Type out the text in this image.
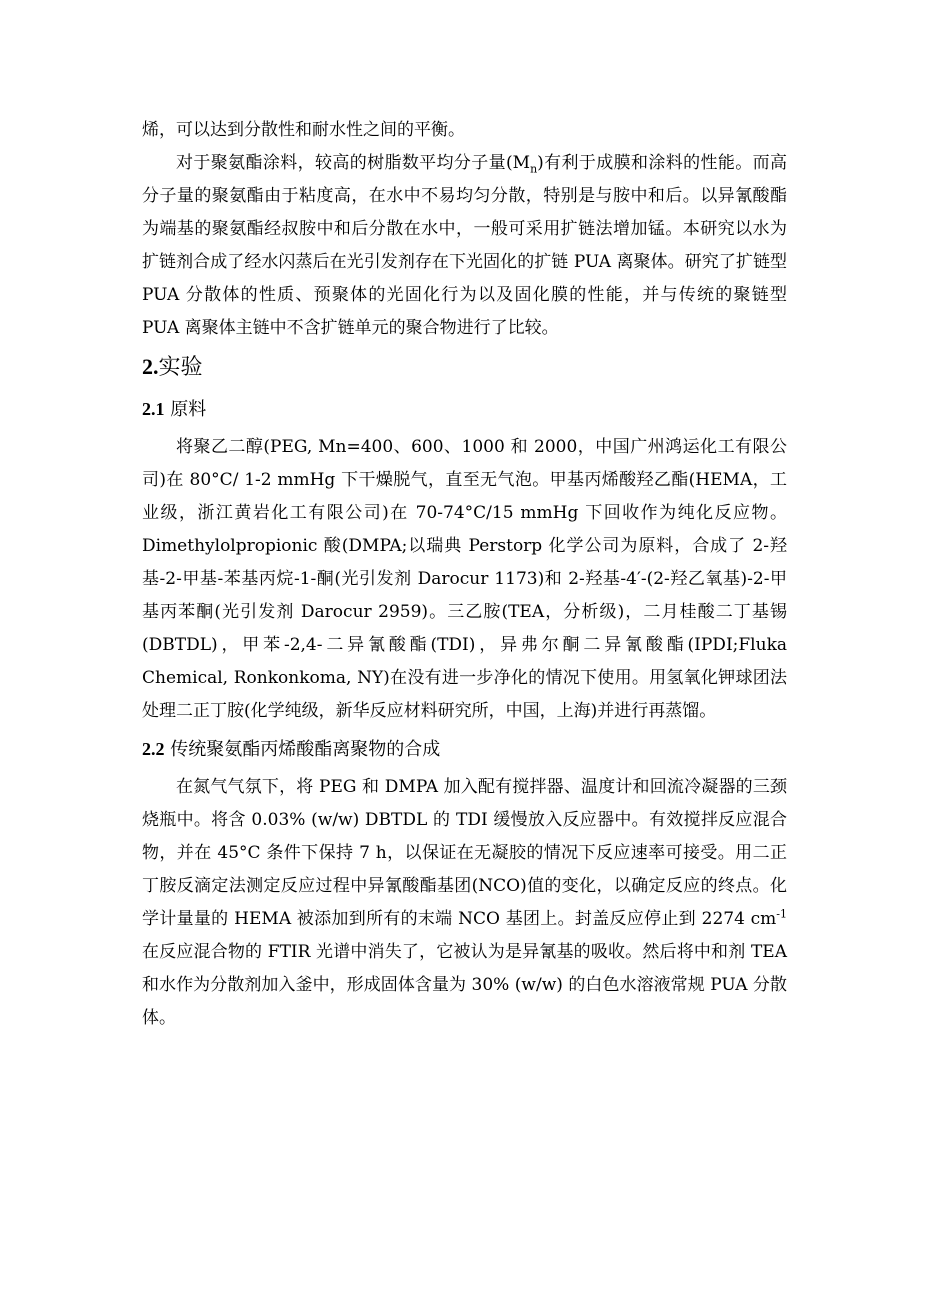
烯，可以达到分散性和耐水性之间的平衡。

对于聚氨酯涂料，较高的树脂数平均分子量$(M_n)$有利于成膜和涂料的性能。而高分子量的聚氨酯由于粘度高，在水中不易均匀分散，特别是与胺中和后。以异氰酸酯为端基的聚氨酯经叔胺中和后分散在水中，一般可采用扩链法增加锰。本研究以水为扩链剂合成了经水闪蒸后在光引发剂存在下光固化的扩链 PUA 离聚体。研究了扩链型 PUA 分散体的性质、预聚体的光固化行为以及固化膜的性能，并与传统的聚链型 PUA 离聚体主链中不含扩链单元的聚合物进行了比较。

2.实验
2.1 原料

将聚乙二醇(PEG, Mn=400、600、1000 和 2000，中国广州鸿运化工有限公司)在 80°C/ 1-2 mmHg 下干燥脱气，直至无气泡。甲基丙烯酸羟乙酯(HEMA，工业级，浙江黄岩化工有限公司)在 70-74°C/15 mmHg 下回收作为纯化反应物。Dimethylolpropionic 酸(DMPA;以瑞典 Perstorp 化学公司为原料，合成了 2-羟基-2-甲基-苯基丙烷-1-酮(光引发剂 Darocur 1173)和 2-羟基-4′-(2-羟乙氧基)-2-甲基丙苯酮(光引发剂 Darocur 2959)。三乙胺(TEA，分析级)，二月桂酸二丁基锡(DBTDL)，甲苯-2,4-二异氰酸酯(TDI)，异弗尔酮二异氰酸酯(IPDI;Fluka Chemical, Ronkonkoma, NY)在没有进一步净化的情况下使用。用氢氧化钾球团法处理二正丁胺(化学纯级，新华反应材料研究所，中国，上海)并进行再蒸馏。

2.2 传统聚氨酯丙烯酸酯离聚物的合成

在氮气气氛下，将 PEG 和 DMPA 加入配有搅拌器、温度计和回流冷凝器的三颈烧瓶中。将含 0.03% (w/w) DBTDL 的 TDI 缓慢放入反应器中。有效搅拌反应混合物，并在 45°C 条件下保持 7 h，以保证在无凝胶的情况下反应速率可接受。用二正丁胺反滴定法测定反应过程中异氰酸酯基团(NCO)值的变化，以确定反应的终点。化学计量量的 HEMA 被添加到所有的末端 NCO 基团上。封盖反应停止到 2274 $cm^{-1}$ 在反应混合物的 FTIR 光谱中消失了，它被认为是异氰基的吸收。然后将中和剂 TEA 和水作为分散剂加入釜中，形成固体含量为 30% (w/w) 的白色水溶液常规 PUA 分散体。
